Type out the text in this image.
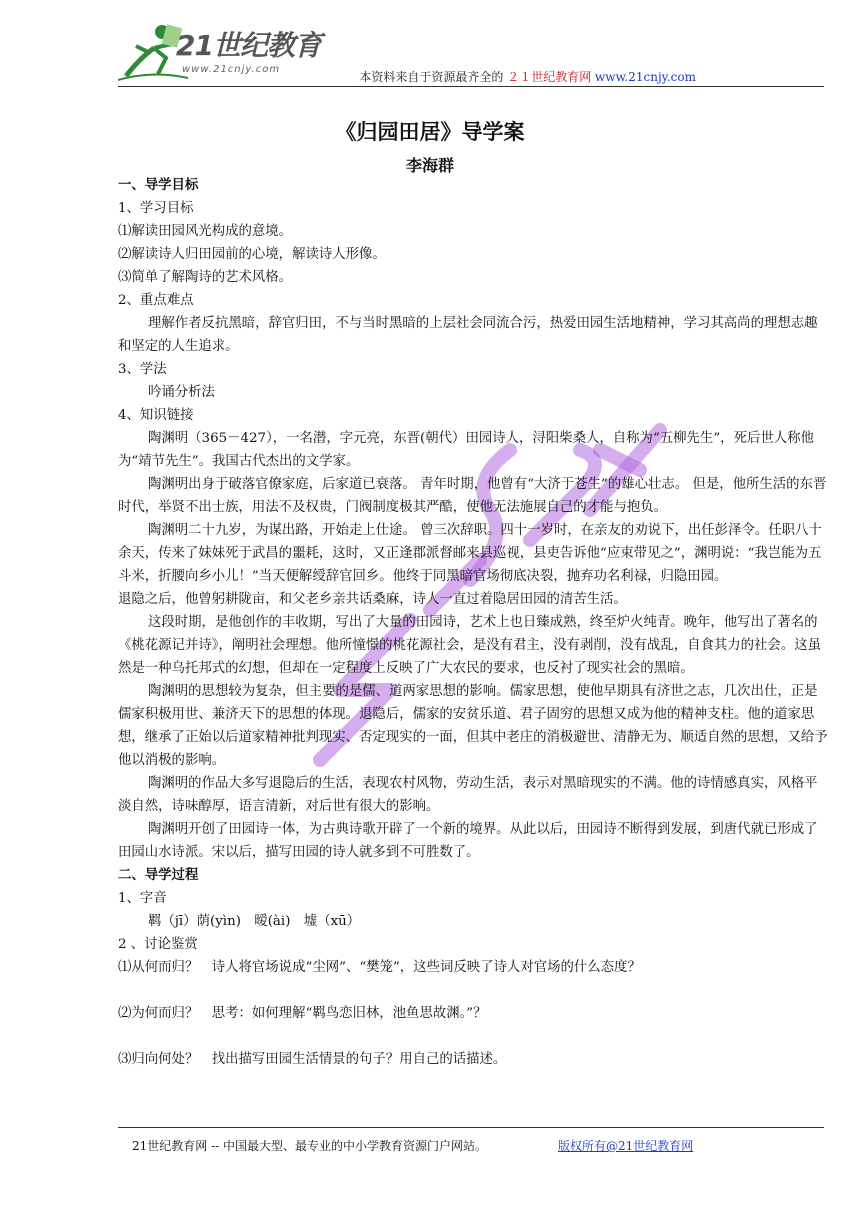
21世纪教育
www.21cnjy.com
本资料来自于资源最齐全的 ２１世纪教育网 www.21cnjy.com
《归园田居》导学案
李海群

一、导学目标

1、学习目标

⑴解读田园风光构成的意境。

⑵解读诗人归田园前的心境，解读诗人形像。

⑶简单了解陶诗的艺术风格。

2、重点难点

理解作者反抗黑暗，辞官归田，不与当时黑暗的上层社会同流合污，热爱田园生活地精神，学习其高尚的理想志趣和坚定的人生追求。

3、学法

吟诵分析法

4、知识链接

陶渊明（365－427），一名潜，字元亮，东晋(朝代）田园诗人，浔阳柴桑人，自称为“五柳先生”，死后世人称他为“靖节先生”。我国古代杰出的文学家。

陶渊明出身于破落官僚家庭，后家道已衰落。 青年时期，他曾有“大济于苍生”的雄心壮志。 但是，他所生活的东晋时代，举贤不出士族，用法不及权贵，门阀制度极其严酷，使他无法施展自己的才能与抱负。

陶渊明二十九岁，为谋出路，开始走上仕途。 曾三次辞职。四十一岁时，在亲友的劝说下，出任彭泽令。任职八十余天，传来了妹妹死于武昌的噩耗，这时，又正逢郡派督邮来县巡视，县吏告诉他“应束带见之”，渊明说：“我岂能为五斗米，折腰向乡小儿！”当天便解绶辞官回乡。他终于同黑暗官场彻底决裂，抛弃功名利禄，归隐田园。

退隐之后，他曾躬耕陇亩，和父老乡亲共话桑麻，诗人一直过着隐居田园的清苦生活。

这段时期，是他创作的丰收期，写出了大量的田园诗，艺术上也日臻成熟，终至炉火纯青。晚年，他写出了著名的《桃花源记并诗》，阐明社会理想。他所憧憬的桃花源社会，是没有君主，没有剥削，没有战乱，自食其力的社会。这虽然是一种乌托邦式的幻想，但却在一定程度上反映了广大农民的要求，也反衬了现实社会的黑暗。

陶渊明的思想较为复杂，但主要的是儒、道两家思想的影响。儒家思想，使他早期具有济世之志，几次出仕，正是儒家积极用世、兼济天下的思想的体现。退隐后，儒家的安贫乐道、君子固穷的思想又成为他的精神支柱。他的道家思想，继承了正始以后道家精神批判现实、否定现实的一面，但其中老庄的消极避世、清静无为、顺适自然的思想，又给予他以消极的影响。

陶渊明的作品大多写退隐后的生活，表现农村风物，劳动生活，表示对黑暗现实的不满。他的诗情感真实，风格平淡自然，诗味醇厚，语言清新，对后世有很大的影响。

陶渊明开创了田园诗一体，为古典诗歌开辟了一个新的境界。从此以后，田园诗不断得到发展，到唐代就已形成了田园山水诗派。宋以后，描写田园的诗人就多到不可胜数了。

二、导学过程

1、字音

羁（jī）荫(yìn)　暧(ài)　墟（xū）

2 、讨论鉴赏

⑴从何而归？　诗人将官场说成“尘网”、“樊笼”，这些词反映了诗人对官场的什么态度？

⑵为何而归？　思考：如何理解“羁鸟恋旧林，池鱼思故渊。”？

⑶归向何处？　找出描写田园生活情景的句子？用自己的话描述。

21世纪教育网 -- 中国最大型、最专业的中小学教育资源门户网站。	版权所有@21世纪教育网
